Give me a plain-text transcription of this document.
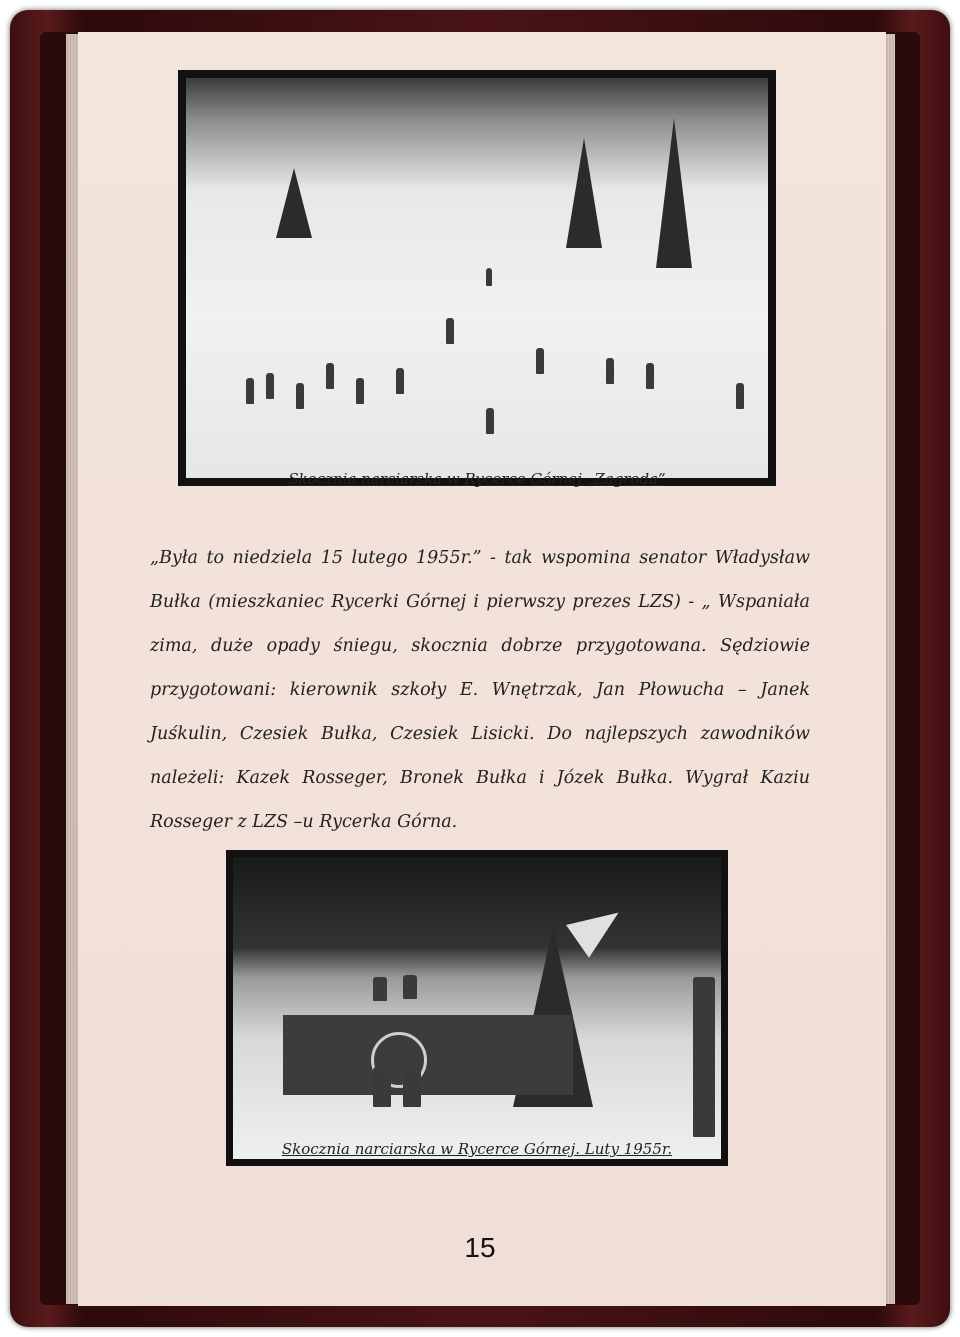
Skocznia narciarska w Rycerce Górnej „Zagroda”
„Była to niedziela 15 lutego 1955r.” - tak wspomina senator Władysław Bułka (mieszkaniec Rycerki Górnej i pierwszy prezes LZS) - „ Wspaniała zima, duże opady śniegu, skocznia dobrze przygotowana. Sędziowie przygotowani: kierownik szkoły E. Wnętrzak, Jan Płowucha – Janek Juśkulin, Czesiek Bułka, Czesiek Lisicki. Do najlepszych zawodników należeli: Kazek Rosseger, Bronek Bułka i Józek Bułka. Wygrał Kaziu Rosseger z LZS –u Rycerka Górna.
Skocznia narciarska w Rycerce Górnej. Luty 1955r.
15
